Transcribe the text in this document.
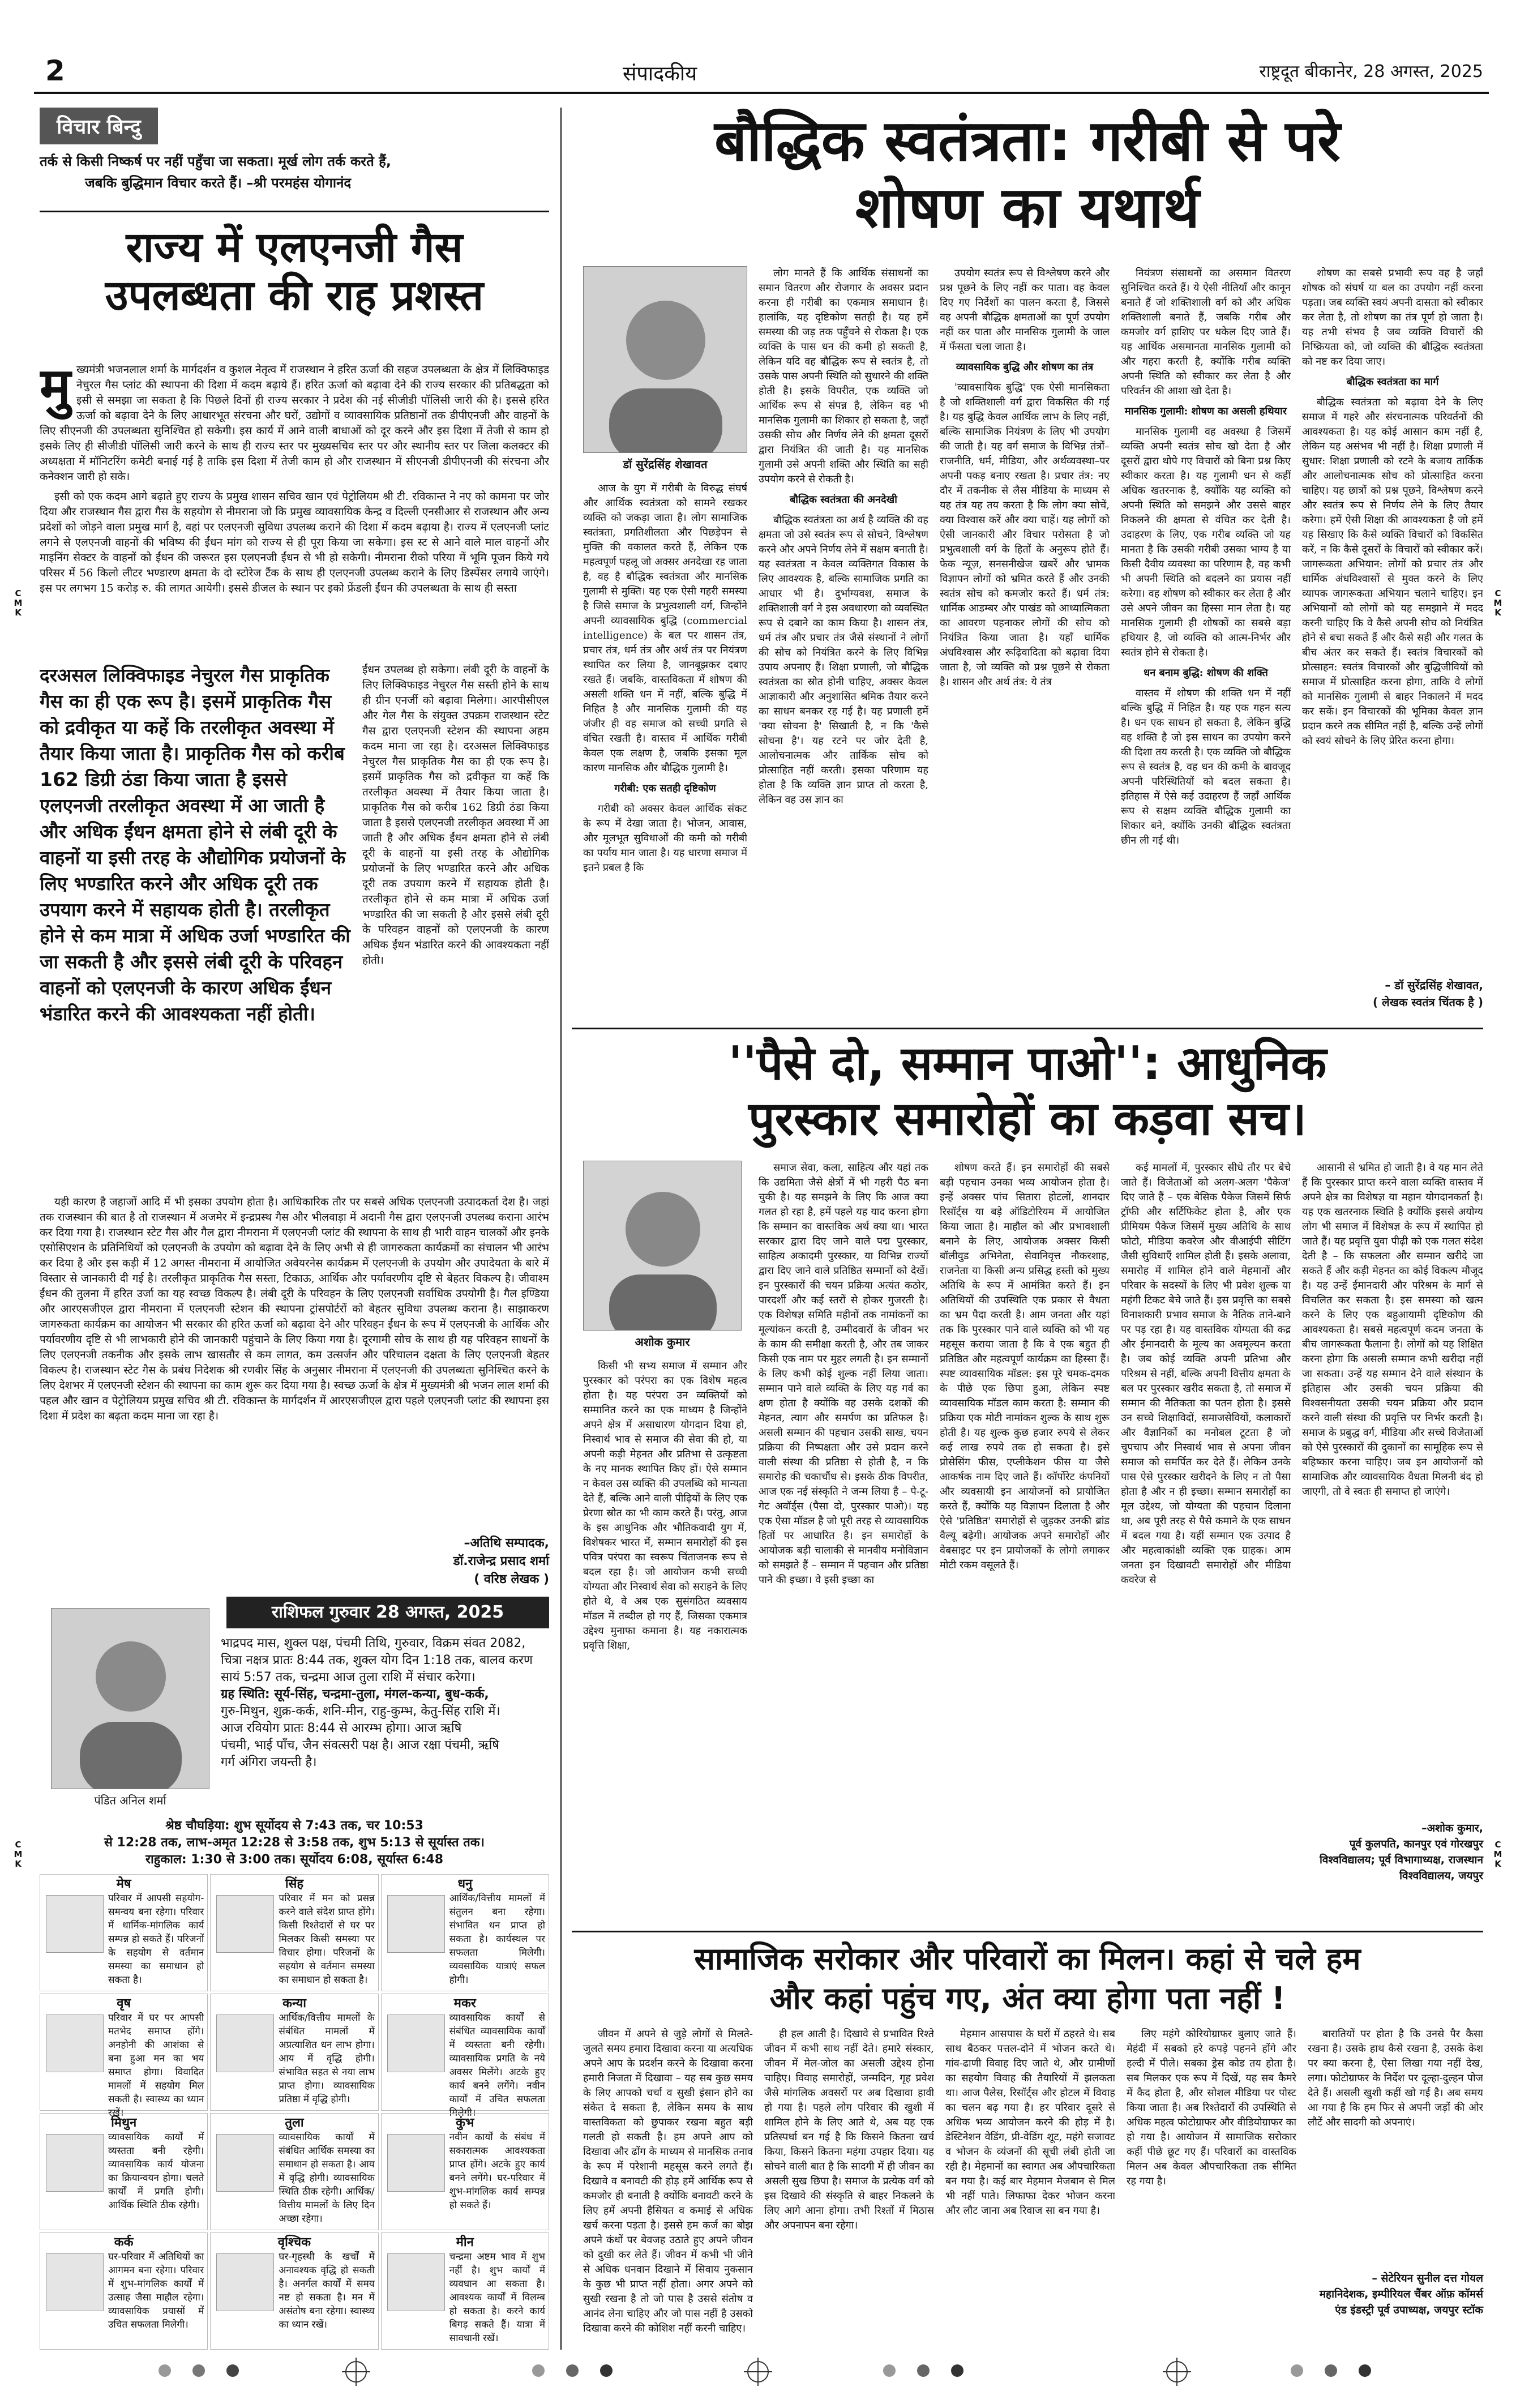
2	संपादकीय	राष्ट्रदूत बीकानेर, 28 अगस्त, 2025
विचार बिन्दु
तर्क से किसी निष्कर्ष पर नहीं पहुँचा जा सकता। मूर्ख लोग तर्क करते हैं,
जबकि बुद्धिमान विचार करते हैं। –श्री परमहंस योगानंद
राज्य में एलएनजी गैस
उपलब्धता की राह प्रशस्त
मु ख्यमंत्री भजनलाल शर्मा के मार्गदर्शन व कुशल नेतृत्व में राजस्थान ने हरित ऊर्जा की सहज उपलब्धता के क्षेत्र में लिक्विफाइड नेचुरल गैस प्लांट की स्थापना की दिशा में कदम बढ़ाये हैं। हरित ऊर्जा को बढ़ावा देने की राज्य सरकार की प्रतिबद्धता को इसी से समझा जा सकता है कि पिछले दिनों ही राज्य सरकार ने प्रदेश की नई सीजीडी पॉलिसी जारी की है। इससे हरित ऊर्जा को बढ़ावा देने के लिए आधारभूत संरचना और घरों, उद्योगों व व्यावसायिक प्रतिष्ठानों तक डीपीएनजी और वाहनों के लिए सीएनजी की उपलब्धता सुनिश्चित हो सकेगी। इस कार्य में आने वाली बाधाओं को दूर करने और इस दिशा में तेजी से काम हो इसके लिए ही सीजीडी पॉलिसी जारी करने के साथ ही राज्य स्तर पर मुख्यसचिव स्तर पर और स्थानीय स्तर पर जिला कलक्टर की अध्यक्षता में मॉनिटरिंग कमेटी बनाई गई है ताकि इस दिशा में तेजी काम हो और राजस्थान में सीएनजी डीपीएनजी की संरचना और कनेक्शन जारी हो सके।

इसी को एक कदम आगे बढ़ाते हुए राज्य के प्रमुख शासन सचिव खान एवं पेट्रोलियम श्री टी. रविकान्त ने नए को कामना पर जोर दिया और राजस्थान गैस द्वारा गैस के सहयोग से नीमराना जो कि प्रमुख व्यावसायिक केन्द्र व दिल्ली एनसीआर से राजस्थान और अन्य प्रदेशों को जोड़ने वाला प्रमुख मार्ग है, वहां पर एलएनजी सुविधा उपलब्ध कराने की दिशा में कदम बढ़ाया है। राज्य में एलएनजी प्लांट लगने से एलएनजी वाहनों की भविष्य की ईंधन मांग को राज्य से ही पूरा किया जा सकेगा। इस स्ट से आने वाले माल वाहनों और माइनिंग सेक्टर के वाहनों को ईंधन की जरूरत इस एलएनजी ईंधन से भी हो सकेगी। नीमराना रीको परिया में भूमि पूजन किये गये परिसर में 56 किलो लीटर भण्डारण क्षमता के दो स्टोरेज टैंक के साथ ही एलएनजी उपलब्ध कराने के लिए डिस्पेंसर लगाये जाएंगे। इस पर लगभग 15 करोड़ रु. की लागत आयेगी। इससे डीजल के स्थान पर इको फ्रेंडली ईंधन की उपलब्धता के साथ ही सस्ता

दरअसल लिक्विफाइड नेचुरल गैस प्राकृतिक गैस का ही एक रूप है। इसमें प्राकृतिक गैस को द्रवीकृत या कहें कि तरलीकृत अवस्था में तैयार किया जाता है। प्राकृतिक गैस को करीब 162 डिग्री ठंडा किया जाता है इससे एलएनजी तरलीकृत अवस्था में आ जाती है और अधिक ईंधन क्षमता होने से लंबी दूरी के वाहनों या इसी तरह के औद्योगिक प्रयोजनों के लिए भण्डारित करने और अधिक दूरी तक उपयाग करने में सहायक होती है। तरलीकृत होने से कम मात्रा में अधिक उर्जा भण्डारित की जा सकती है और इससे लंबी दूरी के परिवहन वाहनों को एलएनजी के कारण अधिक ईंधन भंडारित करने की आवश्यकता नहीं होती।

ईंधन उपलब्ध हो सकेगा। लंबी दूरी के वाहनों के लिए लिक्विफाइड नेचुरल गैस सस्ती होने के साथ ही ग्रीन एनर्जी को बढ़ावा मिलेगा। आरपीसीएल और गेल गैस के संयुक्त उपक्रम राजस्थान स्टेट गैस द्वारा एलएनजी स्टेशन की स्थापना अहम कदम माना जा रहा है। दरअसल लिक्विफाइड नेचुरल गैस प्राकृतिक गैस का ही एक रूप है। इसमें प्राकृतिक गैस को द्रवीकृत या कहें कि तरलीकृत अवस्था में तैयार किया जाता है। प्राकृतिक गैस को करीब 162 डिग्री ठंडा किया जाता है इससे एलएनजी तरलीकृत अवस्था में आ जाती है और अधिक ईंधन क्षमता होने से लंबी दूरी के वाहनों या इसी तरह के औद्योगिक प्रयोजनों के लिए भण्डारित करने और अधिक दूरी तक उपयाग करने में सहायक होती है। तरलीकृत होने से कम मात्रा में अधिक उर्जा भण्डारित की जा सकती है और इससे लंबी दूरी के परिवहन वाहनों को एलएनजी के कारण अधिक ईंधन भंडारित करने की आवश्यकता नहीं होती।

यही कारण है जहाजों आदि में भी इसका उपयोग होता है। आधिकारिक तौर पर सबसे अधिक एलएनजी उत्पादकर्ता देश है। जहां तक राजस्थान की बात है तो राजस्थान में अजमेर में इन्द्रप्रस्थ गैस और भीलवाड़ा में अदानी गैस द्वारा एलएनजी उपलब्ध कराना आरंभ कर दिया गया है। राजस्थान स्टेट गैस और गैल द्वारा नीमराना में एलएनजी प्लांट की स्थापना के साथ ही भारी वाहन चालकों और इनके एसोसिएशन के प्रतिनिधियों को एलएनजी के उपयोग को बढ़ावा देने के लिए अभी से ही जागरुकता कार्यक्रमों का संचालन भी आरंभ कर दिया है और इस कड़ी में 12 अगस्त नीमराना में आयोजित अवेयरनेस कार्यक्रम में एलएनजी के उपयोग और उपादेयता के बारे में विस्तार से जानकारी दी गई है। तरलीकृत प्राकृतिक गैस सस्ता, टिकाऊ, आर्थिक और पर्यावरणीय दृष्टि से बेहतर विकल्प है। जीवाश्म ईंधन की तुलना में हरित उर्जा का यह स्वच्छ विकल्प है। लंबी दूरी के परिवहन के लिए एलएनजी सर्वाधिक उपयोगी है। गैल इण्डिया और आरएसजीएल द्वारा नीमराना में एलएनजी स्टेशन की स्थापना ट्रांसपोर्टरों को बेहतर सुविधा उपलब्ध कराना है। साझाकरण जागरुकता कार्यक्रम का आयोजन भी सरकार की हरित ऊर्जा को बढ़ावा देने और परिवहन ईंधन के रूप में एलएनजी के आर्थिक और पर्यावरणीय दृष्टि से भी लाभकारी होने की जानकारी पहुंचाने के लिए किया गया है। दूरगामी सोच के साथ ही यह परिवहन साधनों के लिए एलएनजी तकनीक और इसके लाभ खासतौर से कम लागत, कम उत्सर्जन और परिचालन दक्षता के लिए एलएनजी बेहतर विकल्प है। राजस्थान स्टेट गैस के प्रबंध निदेशक श्री रणवीर सिंह के अनुसार नीमराना में एलएनजी की उपलब्धता सुनिश्चित करने के लिए देशभर में एलएनजी स्टेशन की स्थापना का काम शुरू कर दिया गया है। स्वच्छ ऊर्जा के क्षेत्र में मुख्यमंत्री श्री भजन लाल शर्मा की पहल और खान व पेट्रोलियम प्रमुख सचिव श्री टी. रविकान्त के मार्गदर्शन में आरएसजीएल द्वारा पहले एलएनजी प्लांट की स्थापना इस दिशा में प्रदेश का बढ़ता कदम माना जा रहा है।

–अतिथि सम्पादक,
डॉ.राजेन्द्र प्रसाद शर्मा
( वरिष्ठ लेखक )
राशिफल गुरुवार 28 अगस्त, 2025
पंडित अनिल शर्मा
भाद्रपद मास, शुक्ल पक्ष, पंचमी तिथि, गुरुवार, विक्रम संवत 2082,
चित्रा नक्षत्र प्रातः 8:44 तक, शुक्ल योग दिन 1:18 तक, बालव करण
सायं 5:57 तक, चन्द्रमा आज तुला राशि में संचार करेगा।
ग्रह स्थिति: सूर्य-सिंह, चन्द्रमा-तुला, मंगल-कन्या, बुध-कर्क,
गुरु-मिथुन, शुक्र-कर्क, शनि-मीन, राहु-कुम्भ, केतु-सिंह राशि में।
आज रवियोग प्रातः 8:44 से आरम्भ होगा। आज ऋषि
पंचमी, भाई पाँच, जैन संवत्सरी पक्ष है। आज रक्षा पंचमी, ऋषि
गर्ग अंगिरा जयन्ती है।
श्रेष्ठ चौघड़िया: शुभ सूर्योदय से 7:43 तक, चर 10:53
से 12:28 तक, लाभ-अमृत 12:28 से 3:58 तक, शुभ 5:13 से सूर्यास्त तक।
राहुकाल: 1:30 से 3:00 तक। सूर्योदय 6:08, सूर्यास्त 6:48
मेष
परिवार में आपसी सहयोग-समन्वय बना रहेगा। परिवार में धार्मिक-मांगलिक कार्य सम्पन्न हो सकते हैं। परिजनों के सहयोग से वर्तमान समस्या का समाधान हो सकता है।
सिंह
परिवार में मन को प्रसन्न करने वाले संदेश प्राप्त होंगे। किसी रिश्तेदारों से घर पर मिलकर किसी समस्या पर विचार होगा। परिजनों के सहयोग से वर्तमान समस्या का समाधान हो सकता है।
धनु
आर्थिक/वित्तीय मामलों में संतुलन बना रहेगा। संभावित धन प्राप्त हो सकता है। कार्यस्थल पर सफलता मिलेगी। व्यवसायिक यात्राएं सफल होगी।
वृष
परिवार में घर पर आपसी मतभेद समाप्त होंगे। अनहोनी की आशंका से बना हुआ मन का भय समाप्त होगा। विवादित मामलों में सहयोग मिल सकती है। स्वास्थ्य का ध्यान रखें।
कन्या
आर्थिक/वित्तीय मामलों के संबंधित मामलों में अप्रत्याशित धन लाभ होगा। आय में वृद्धि होगी। संभावित सहत से नया लाभ प्राप्त होगा। व्यावसायिक प्रतिष्ठा में वृद्धि होगी।
मकर
व्यावसायिक कार्यों से संबंधित व्यावसायिक कार्यों में व्यस्तता बनी रहेगी। व्यावसायिक प्रगति के नये अवसर मिलेंगे। अटके हुए कार्य बनने लगेंगे। नवीन कार्यों में उचित सफलता मिलेगी।
मिथुन
व्यावसायिक कार्यों में व्यस्तता बनी रहेगी। व्यावसायिक कार्य योजना का क्रियान्वयन होगा। चलते कार्यों में प्रगति होगी। आर्थिक स्थिति ठीक रहेगी।
तुला
व्यावसायिक कार्यों में संबंधित आर्थिक समस्या का समाधान हो सकता है। आय में वृद्धि होगी। व्यावसायिक स्थिति ठीक रहेगी। आर्थिक/वित्तीय मामलों के लिए दिन अच्छा रहेगा।
कुंभ
नवीन कार्यों के संबंध में सकारात्मक आवश्यकता प्राप्त होंगे। अटके हुए कार्य बनने लगेंगे। घर-परिवार में शुभ-मांगलिक कार्य सम्पन्न हो सकते हैं।
कर्क
घर-परिवार में अतिथियों का आगमन बना रहेगा। परिवार में शुभ-मांगलिक कार्यों में उत्साह जैसा माहौल रहेगा। व्यावसायिक प्रयासों में उचित सफलता मिलेगी।
वृश्चिक
घर-गृहस्थी के खर्चों में अनावश्यक वृद्धि हो सकती है। अनर्गल कार्यों में समय नष्ट हो सकता है। मन में असंतोष बना रहेगा। स्वास्थ्य का ध्यान रखें।
मीन
चन्द्रमा अष्टम भाव में शुभ नहीं है। शुभ कार्यों में व्यवधान आ सकता है। आवश्यक कार्यों में विलम्ब हो सकता है। करने कार्य बिगड़ सकते हैं। यात्रा में सावधानी रखें।
बौद्धिक स्वतंत्रता: गरीबी से परे
शोषण का यथार्थ
डॉ सुरेंद्रसिंह शेखावत

आज के युग में गरीबी के विरुद्ध संघर्ष और आर्थिक स्वतंत्रता को सामने रखकर व्यक्ति को जकड़ा जाता है। लोग सामाजिक स्वतंत्रता, प्रगतिशीलता और पिछड़ेपन से मुक्ति की वकालत करते हैं, लेकिन एक महत्वपूर्ण पहलू जो अक्सर अनदेखा रह जाता है, वह है बौद्धिक स्वतंत्रता और मानसिक गुलामी से मुक्ति। यह एक ऐसी गहरी समस्या है जिसे समाज के प्रभुत्वशाली वर्ग, जिन्होंने अपनी व्यावसायिक बुद्धि (commercial intelligence) के बल पर शासन तंत्र, प्रचार तंत्र, धर्म तंत्र और अर्थ तंत्र पर नियंत्रण स्थापित कर लिया है, जानबूझकर दबाए रखते हैं। जबकि, वास्तविकता में शोषण की असली शक्ति धन में नहीं, बल्कि बुद्धि में निहित है और मानसिक गुलामी की यह जंजीर ही वह समाज को सच्ची प्रगति से वंचित रखती है। वास्तव में आर्थिक गरीबी केवल एक लक्षण है, जबकि इसका मूल कारण मानसिक और बौद्धिक गुलामी है।

गरीबी: एक सतही दृष्टिकोण

गरीबी को अक्सर केवल आर्थिक संकट के रूप में देखा जाता है। भोजन, आवास, और मूलभूत सुविधाओं की कमी को गरीबी का पर्याय मान जाता है। यह धारणा समाज में इतने प्रबल है कि

लोग मानते हैं कि आर्थिक संसाधनों का समान वितरण और रोजगार के अवसर प्रदान करना ही गरीबी का एकमात्र समाधान है। हालांकि, यह दृष्टिकोण सतही है। यह हमें समस्या की जड़ तक पहुँचने से रोकता है। एक व्यक्ति के पास धन की कमी हो सकती है, लेकिन यदि वह बौद्धिक रूप से स्वतंत्र है, तो उसके पास अपनी स्थिति को सुधारने की शक्ति होती है। इसके विपरीत, एक व्यक्ति जो आर्थिक रूप से संपन्न है, लेकिन वह भी मानसिक गुलामी का शिकार हो सकता है, जहाँ उसकी सोच और निर्णय लेने की क्षमता दूसरों द्वारा नियंत्रित की जाती है। यह मानसिक गुलामी उसे अपनी शक्ति और स्थिति का सही उपयोग करने से रोकती है।

बौद्धिक स्वतंत्रता की अनदेखी

बौद्धिक स्वतंत्रता का अर्थ है व्यक्ति की वह क्षमता जो उसे स्वतंत्र रूप से सोचने, विश्लेषण करने और अपने निर्णय लेने में सक्षम बनाती है। यह स्वतंत्रता न केवल व्यक्तिगत विकास के लिए आवश्यक है, बल्कि सामाजिक प्रगति का आधार भी है। दुर्भाग्यवश, समाज के शक्तिशाली वर्ग ने इस अवधारणा को व्यवस्थित रूप से दबाने का काम किया है। शासन तंत्र, धर्म तंत्र और प्रचार तंत्र जैसे संस्थानों ने लोगों की सोच को नियंत्रित करने के लिए विभिन्न उपाय अपनाए हैं। शिक्षा प्रणाली, जो बौद्धिक स्वतंत्रता का स्रोत होनी चाहिए, अक्सर केवल आज्ञाकारी और अनुशासित श्रमिक तैयार करने का साधन बनकर रह गई है। यह प्रणाली हमें 'क्या सोचना है' सिखाती है, न कि 'कैसे सोचना है'। यह रटने पर जोर देती है, आलोचनात्मक और तार्किक सोच को प्रोत्साहित नहीं करती। इसका परिणाम यह होता है कि व्यक्ति ज्ञान प्राप्त तो करता है, लेकिन वह उस ज्ञान का

उपयोग स्वतंत्र रूप से विश्लेषण करने और प्रश्न पूछने के लिए नहीं कर पाता। वह केवल दिए गए निर्देशों का पालन करता है, जिससे वह अपनी बौद्धिक क्षमताओं का पूर्ण उपयोग नहीं कर पाता और मानसिक गुलामी के जाल में फँसता चला जाता है।

व्यावसायिक बुद्धि और शोषण का तंत्र

'व्यावसायिक बुद्धि' एक ऐसी मानसिकता है जो शक्तिशाली वर्ग द्वारा विकसित की गई है। यह बुद्धि केवल आर्थिक लाभ के लिए नहीं, बल्कि सामाजिक नियंत्रण के लिए भी उपयोग की जाती है। यह वर्ग समाज के विभिन्न तंत्रों–राजनीति, धर्म, मीडिया, और अर्थव्यवस्था–पर अपनी पकड़ बनाए रखता है। प्रचार तंत्र: नए दौर में तकनीक से लैस मीडिया के माध्यम से यह तंत्र यह तय करता है कि लोग क्या सोचें, क्या विश्वास करें और क्या चाहें। यह लोगों को ऐसी जानकारी और विचार परोसता है जो प्रभुत्वशाली वर्ग के हितों के अनुरूप होते हैं। फेक न्यूज़, सनसनीखेज खबरें और भ्रामक विज्ञापन लोगों को भ्रमित करते हैं और उनकी स्वतंत्र सोच को कमजोर करते हैं। धर्म तंत्र: धार्मिक आडम्बर और पाखंड को आध्यात्मिकता का आवरण पहनाकर लोगों की सोच को नियंत्रित किया जाता है। यहाँ धार्मिक अंधविश्वास और रूढ़िवादिता को बढ़ावा दिया जाता है, जो व्यक्ति को प्रश्न पूछने से रोकता है। शासन और अर्थ तंत्र: ये तंत्र

नियंत्रण संसाधनों का असमान वितरण सुनिश्चित करते हैं। ये ऐसी नीतियाँ और कानून बनाते हैं जो शक्तिशाली वर्ग को और अधिक शक्तिशाली बनाते हैं, जबकि गरीब और कमजोर वर्ग हाशिए पर धकेल दिए जाते हैं। यह आर्थिक असमानता मानसिक गुलामी को और गहरा करती है, क्योंकि गरीब व्यक्ति अपनी स्थिति को स्वीकार कर लेता है और परिवर्तन की आशा खो देता है।

मानसिक गुलामी: शोषण का असली हथियार

मानसिक गुलामी वह अवस्था है जिसमें व्यक्ति अपनी स्वतंत्र सोच खो देता है और दूसरों द्वारा थोपे गए विचारों को बिना प्रश्न किए स्वीकार करता है। यह गुलामी धन से कहीं अधिक खतरनाक है, क्योंकि यह व्यक्ति को अपनी स्थिति को समझने और उससे बाहर निकलने की क्षमता से वंचित कर देती है। उदाहरण के लिए, एक गरीब व्यक्ति जो यह मानता है कि उसकी गरीबी उसका भाग्य है या किसी दैवीय व्यवस्था का परिणाम है, वह कभी भी अपनी स्थिति को बदलने का प्रयास नहीं करेगा। वह शोषण को स्वीकार कर लेता है और उसे अपने जीवन का हिस्सा मान लेता है। यह मानसिक गुलामी ही शोषकों का सबसे बड़ा हथियार है, जो व्यक्ति को आत्म-निर्भर और स्वतंत्र होने से रोकता है।

धन बनाम बुद्धि: शोषण की शक्ति

वास्तव में शोषण की शक्ति धन में नहीं बल्कि बुद्धि में निहित है। यह एक गहन सत्य है। धन एक साधन हो सकता है, लेकिन बुद्धि वह शक्ति है जो इस साधन का उपयोग करने की दिशा तय करती है। एक व्यक्ति जो बौद्धिक रूप से स्वतंत्र है, वह धन की कमी के बावजूद अपनी परिस्थितियों को बदल सकता है। इतिहास में ऐसे कई उदाहरण हैं जहाँ आर्थिक रूप से सक्षम व्यक्ति बौद्धिक गुलामी का शिकार बने, क्योंकि उनकी बौद्धिक स्वतंत्रता छीन ली गई थी।

शोषण का सबसे प्रभावी रूप वह है जहाँ शोषक को संघर्ष या बल का उपयोग नहीं करना पड़ता। जब व्यक्ति स्वयं अपनी दासता को स्वीकार कर लेता है, तो शोषण का तंत्र पूर्ण हो जाता है। यह तभी संभव है जब व्यक्ति विचारों की निष्क्रियता को, जो व्यक्ति की बौद्धिक स्वतंत्रता को नष्ट कर दिया जाए।

बौद्धिक स्वतंत्रता का मार्ग

बौद्धिक स्वतंत्रता को बढ़ावा देने के लिए समाज में गहरे और संरचनात्मक परिवर्तनों की आवश्यकता है। यह कोई आसान काम नहीं है, लेकिन यह असंभव भी नहीं है। शिक्षा प्रणाली में सुधार: शिक्षा प्रणाली को रटने के बजाय तार्किक और आलोचनात्मक सोच को प्रोत्साहित करना चाहिए। यह छात्रों को प्रश्न पूछने, विश्लेषण करने और स्वतंत्र रूप से निर्णय लेने के लिए तैयार करेगा। हमें ऐसी शिक्षा की आवश्यकता है जो हमें यह सिखाए कि कैसे व्यक्ति विचारों को विकसित करें, न कि कैसे दूसरों के विचारों को स्वीकार करें। जागरूकता अभियान: लोगों को प्रचार तंत्र और धार्मिक अंधविश्वासों से मुक्त करने के लिए व्यापक जागरूकता अभियान चलाने चाहिए। इन अभियानों को लोगों को यह समझाने में मदद करनी चाहिए कि वे कैसे अपनी सोच को नियंत्रित होने से बचा सकते हैं और कैसे सही और गलत के बीच अंतर कर सकते हैं। स्वतंत्र विचारकों को प्रोत्साहन: स्वतंत्र विचारकों और बुद्धिजीवियों को समाज में प्रोत्साहित करना होगा, ताकि वे लोगों को मानसिक गुलामी से बाहर निकालने में मदद कर सकें। इन विचारकों की भूमिका केवल ज्ञान प्रदान करने तक सीमित नहीं है, बल्कि उन्हें लोगों को स्वयं सोचने के लिए प्रेरित करना होगा।

– डॉ सुरेंद्रसिंह शेखावत,
( लेखक स्वतंत्र चिंतक है )
''पैसे दो, सम्मान पाओ'': आधुनिक
पुरस्कार समारोहों का कड़वा सच।
अशोक कुमार

किसी भी सभ्य समाज में सम्मान और पुरस्कार को परंपरा का एक विशेष महत्व होता है। यह परंपरा उन व्यक्तियों को सम्मानित करने का एक माध्यम है जिन्होंने अपने क्षेत्र में असाधारण योगदान दिया हो, निस्वार्थ भाव से समाज की सेवा की हो, या अपनी कड़ी मेहनत और प्रतिभा से उत्कृष्टता के नए मानक स्थापित किए हों। ऐसे सम्मान न केवल उस व्यक्ति की उपलब्धि को मान्यता देते हैं, बल्कि आने वाली पीढ़ियों के लिए एक प्रेरणा स्रोत का भी काम करते हैं। परंतु, आज के इस आधुनिक और भौतिकवादी युग में, विशेषकर भारत में, सम्मान समारोहों की इस पवित्र परंपरा का स्वरूप चिंताजनक रूप से बदल रहा है। जो आयोजन कभी सच्ची योग्यता और निस्वार्थ सेवा को सराहने के लिए होते थे, वे अब एक सुसंगठित व्यवसाय मॉडल में तब्दील हो गए हैं, जिसका एकमात्र उद्देश्य मुनाफा कमाना है। यह नकारात्मक प्रवृत्ति शिक्षा,

समाज सेवा, कला, साहित्य और यहां तक कि उद्यमिता जैसे क्षेत्रों में भी गहरी पैठ बना चुकी है। यह समझने के लिए कि आज क्या गलत हो रहा है, हमें पहले यह याद करना होगा कि सम्मान का वास्तविक अर्थ क्या था। भारत सरकार द्वारा दिए जाने वाले पद्म पुरस्कार, साहित्य अकादमी पुरस्कार, या विभिन्न राज्यों द्वारा दिए जाने वाले प्रतिष्ठित सम्मानों को देखें। इन पुरस्कारों की चयन प्रक्रिया अत्यंत कठोर, पारदर्शी और कई स्तरों से होकर गुजरती है। एक विशेषज्ञ समिति महीनों तक नामांकनों का मूल्यांकन करती है, उम्मीदवारों के जीवन भर के काम की समीक्षा करती है, और तब जाकर किसी एक नाम पर मुहर लगती है। इन सम्मानों के लिए कभी कोई शुल्क नहीं लिया जाता। सम्मान पाने वाले व्यक्ति के लिए यह गर्व का क्षण होता है क्योंकि वह उसके दशकों की मेहनत, त्याग और समर्पण का प्रतिफल है। असली सम्मान की पहचान उसकी साख, चयन प्रक्रिया की निष्पक्षता और उसे प्रदान करने वाली संस्था की प्रतिष्ठा से होती है, न कि समारोह की चकाचौंध से। इसके ठीक विपरीत, आज एक नई संस्कृति ने जन्म लिया है – पे-टू-गेट अवॉर्ड्स (पैसा दो, पुरस्कार पाओ)। यह एक ऐसा मॉडल है जो पूरी तरह से व्यावसायिक हितों पर आधारित है। इन समारोहों के आयोजक बड़ी चालाकी से मानवीय मनोविज्ञान को समझते हैं – सम्मान में पहचान और प्रतिष्ठा पाने की इच्छा। वे इसी इच्छा का

शोषण करते हैं। इन समारोहों की सबसे बड़ी पहचान उनका भव्य आयोजन होता है। इन्हें अक्सर पांच सितारा होटलों, शानदार रिसॉर्ट्स या बड़े ऑडिटोरियम में आयोजित किया जाता है। माहौल को और प्रभावशाली बनाने के लिए, आयोजक अक्सर किसी बॉलीवुड अभिनेता, सेवानिवृत्त नौकरशाह, राजनेता या किसी अन्य प्रसिद्ध हस्ती को मुख्य अतिथि के रूप में आमंत्रित करते हैं। इन अतिथियों की उपस्थिति एक प्रकार से वैधता का भ्रम पैदा करती है। आम जनता और यहां तक कि पुरस्कार पाने वाले व्यक्ति को भी यह महसूस कराया जाता है कि वे एक बहुत ही प्रतिष्ठित और महत्वपूर्ण कार्यक्रम का हिस्सा हैं। स्पष्ट व्यावसायिक मॉडल: इस पूरे चमक-दमक के पीछे एक छिपा हुआ, लेकिन स्पष्ट व्यावसायिक मॉडल काम करता है: सम्मान की प्रक्रिया एक मोटी नामांकन शुल्क के साथ शुरू होती है। यह शुल्क कुछ हजार रुपये से लेकर कई लाख रुपये तक हो सकता है। इसे प्रोसेसिंग फीस, एप्लीकेशन फीस या जैसे आकर्षक नाम दिए जाते हैं। कॉर्पोरेट कंपनियों और व्यवसायी इन आयोजनों को प्रायोजित करते हैं, क्योंकि यह विज्ञापन दिलाता है और ऐसे 'प्रतिष्ठित' समारोहों से जुड़कर उनकी ब्रांड वैल्यू बढ़ेगी। आयोजक अपने समारोहों और वेबसाइट पर इन प्रायोजकों के लोगो लगाकर मोटी रकम वसूलते हैं।

कई मामलों में, पुरस्कार सीधे तौर पर बेचे जाते हैं। विजेताओं को अलग-अलग 'पैकेज' दिए जाते हैं – एक बेसिक पैकेज जिसमें सिर्फ ट्रॉफी और सर्टिफिकेट होता है, और एक प्रीमियम पैकेज जिसमें मुख्य अतिथि के साथ फोटो, मीडिया कवरेज और वीआईपी सीटिंग जैसी सुविधाएँ शामिल होती हैं। इसके अलावा, समारोह में शामिल होने वाले मेहमानों और परिवार के सदस्यों के लिए भी प्रवेश शुल्क या महंगी टिकट बेचे जाते हैं। इस प्रवृत्ति का सबसे विनाशकारी प्रभाव समाज के नैतिक ताने-बाने पर पड़ रहा है। यह वास्तविक योग्यता की कद्र और ईमानदारी के मूल्य का अवमूल्यन करता है। जब कोई व्यक्ति अपनी प्रतिभा और परिश्रम से नहीं, बल्कि अपनी वित्तीय क्षमता के बल पर पुरस्कार खरीद सकता है, तो समाज में सम्मान की नैतिकता का पतन होता है। इससे उन सच्चे शिक्षाविदों, समाजसेवियों, कलाकारों और वैज्ञानिकों का मनोबल टूटता है जो चुपचाप और निस्वार्थ भाव से अपना जीवन समाज को समर्पित कर देते हैं। लेकिन उनके पास ऐसे पुरस्कार खरीदने के लिए न तो पैसा होता है और न ही इच्छा। सम्मान समारोहों का मूल उद्देश्य, जो योग्यता की पहचान दिलाना था, अब पूरी तरह से पैसे कमाने के एक साधन में बदल गया है। यहीं सम्मान एक उत्पाद है और महत्वाकांक्षी व्यक्ति एक ग्राहक। आम जनता इन दिखावटी समारोहों और मीडिया कवरेज से

आसानी से भ्रमित हो जाती है। वे यह मान लेते हैं कि पुरस्कार प्राप्त करने वाला व्यक्ति वास्तव में अपने क्षेत्र का विशेषज्ञ या महान योगदानकर्ता है। यह एक खतरनाक स्थिति है क्योंकि इससे अयोग्य लोग भी समाज में विशेषज्ञ के रूप में स्थापित हो जाते हैं। यह प्रवृत्ति युवा पीढ़ी को एक गलत संदेश देती है – कि सफलता और सम्मान खरीदे जा सकते हैं और कड़ी मेहनत का कोई विकल्प मौजूद है। यह उन्हें ईमानदारी और परिश्रम के मार्ग से विचलित कर सकता है। इस समस्या को खत्म करने के लिए एक बहुआयामी दृष्टिकोण की आवश्यकता है। सबसे महत्वपूर्ण कदम जनता के बीच जागरूकता फैलाना है। लोगों को यह शिक्षित करना होगा कि असली सम्मान कभी खरीदा नहीं जा सकता। उन्हें यह सम्मान देने वाले संस्थान के इतिहास और उसकी चयन प्रक्रिया की विश्वसनीयता उसकी चयन प्रक्रिया और प्रदान करने वाली संस्था की प्रवृत्ति पर निर्भर करती है। समाज के प्रबुद्ध वर्ग, मीडिया और सच्चे विजेताओं को ऐसे पुरस्कारों की दुकानों का सामूहिक रूप से बहिष्कार करना चाहिए। जब इन आयोजनों को सामाजिक और व्यावसायिक वैधता मिलनी बंद हो जाएगी, तो वे स्वतः ही समाप्त हो जाएंगे।

–अशोक कुमार,
पूर्व कुलपति, कानपुर एवं गोरखपुर विश्वविद्यालय; पूर्व विभागाध्यक्ष, राजस्थान विश्वविद्यालय, जयपुर
सामाजिक सरोकार और परिवारों का मिलन। कहां से चले हम
और कहां पहुंच गए, अंत क्या होगा पता नहीं !

जीवन में अपने से जुड़े लोगों से मिलते-जुलते समय हमारा दिखावा करना या अत्यधिक अपने आप के प्रदर्शन करने के दिखावा करना हमारी निजता में दिखावा – यह सब कुछ समय के लिए आपको चर्चा व सुखी इंसान होने का संकेत दे सकता है, लेकिन समय के साथ वास्तविकता को छुपाकर रखना बहुत बड़ी गलती हो सकती है। हम अपने आप को दिखावा और ढोंग के माध्यम से मानसिक तनाव के रूप में परेशानी महसूस करने लगते हैं। दिखावे व बनावटी की होड़ हमें आर्थिक रूप से कमजोर ही बनाती है क्योंकि बनावटी करने के लिए हमें अपनी हैसियत व कमाई से अधिक खर्च करना पड़ता है। इससे हम कर्ज का बोझ अपने कंधों पर बेवजह उठाते हुए अपने जीवन को दुखी कर लेते हैं। जीवन में कभी भी जीने से अधिक धनवान दिखाने में सिवाय नुकसान के कुछ भी प्राप्त नहीं होता। अगर अपने को सुखी रखना है तो जो पास है उससे संतोष व आनंद लेना चाहिए और जो पास नहीं है उसको दिखावा करने की कोशिश नहीं करनी चाहिए।

ही हल आती है। दिखावे से प्रभावित रिश्ते जीवन में कभी साथ नहीं देते। हमारे संस्कार, जीवन में मेल-जोल का असली उद्देश्य होना चाहिए। विवाह समारोहों, जन्मदिन, गृह प्रवेश जैसे मांगलिक अवसरों पर अब दिखावा हावी हो गया है। पहले लोग परिवार की खुशी में शामिल होने के लिए आते थे, अब यह एक प्रतिस्पर्धा बन गई है कि किसने कितना खर्च किया, किसने कितना महंगा उपहार दिया। यह सोचने वाली बात है कि सादगी में ही जीवन का असली सुख छिपा है। समाज के प्रत्येक वर्ग को इस दिखावे की संस्कृति से बाहर निकलने के लिए आगे आना होगा। तभी रिश्तों में मिठास और अपनापन बना रहेगा।

मेहमान आसपास के घरों में ठहरते थे। सब साथ बैठकर पत्तल-दोने में भोजन करते थे। गांव-ढाणी विवाह दिए जाते थे, और ग्रामीणों का सहयोग विवाह की तैयारियों में झलकता था। आज पैलेस, रिसॉर्ट्स और होटल में विवाह का चलन बढ़ गया है। हर परिवार दूसरे से अधिक भव्य आयोजन करने की होड़ में है। डेस्टिनेशन वेडिंग, प्री-वेडिंग शूट, महंगे सजावट व भोजन के व्यंजनों की सूची लंबी होती जा रही है। मेहमानों का स्वागत अब औपचारिकता बन गया है। कई बार मेहमान मेजबान से मिल भी नहीं पाते। लिफाफा देकर भोजन करना और लौट जाना अब रिवाज सा बन गया है।

लिए महंगे कोरियोग्राफर बुलाए जाते हैं। मेहंदी में सबको हरे कपड़े पहनने होंगे और हल्दी में पीले। सबका ड्रेस कोड तय होता है। सब मिलकर एक रूप में दिखें, यह सब कैमरे में कैद होता है, और सोशल मीडिया पर पोस्ट किया जाता है। अब रिश्तेदारों की उपस्थिति से अधिक महत्व फोटोग्राफर और वीडियोग्राफर का हो गया है। आयोजन में सामाजिक सरोकार कहीं पीछे छूट गए हैं। परिवारों का वास्तविक मिलन अब केवल औपचारिकता तक सीमित रह गया है।

बारातियों पर होता है कि उनसे पैर कैसा रखना है। उसके हाथ कैसे रखना है, उसके केश पर क्या करना है, ऐसा लिखा गया नहीं देख, लगा। फोटोग्राफर के निर्देश पर दूल्हा-दुल्हन पोज देते हैं। असली खुशी कहीं खो गई है। अब समय आ गया है कि हम फिर से अपनी जड़ों की ओर लौटें और सादगी को अपनाएं।

– सेटेरियन सुनील दत्त गोयल
महानिदेशक, इम्पीरियल चैंबर ऑफ़ कॉमर्स एंड इंडस्ट्री पूर्व उपाध्यक्ष, जयपुर स्टॉक
C
M
K
C
M
K
C
M
K
C
M
K
